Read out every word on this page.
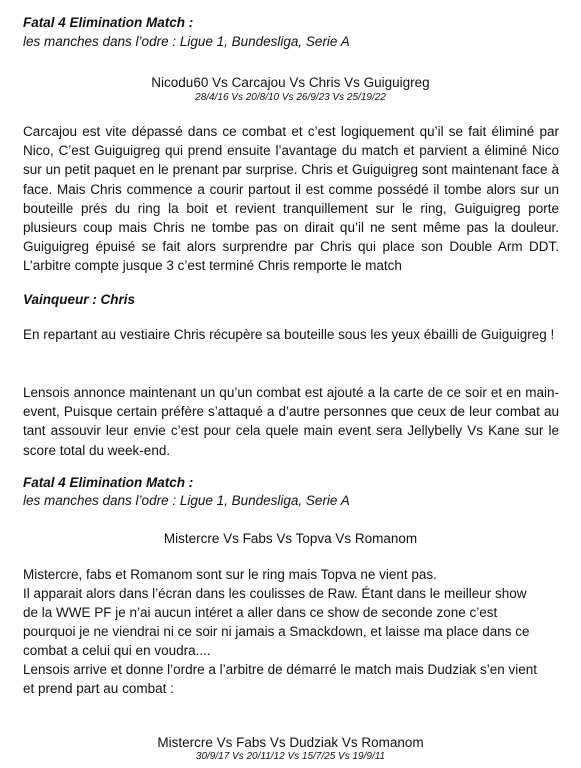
Fatal 4 Elimination Match :
les manches dans l’odre : Ligue 1, Bundesliga, Serie A
Nicodu60 Vs Carcajou Vs Chris Vs Guiguigreg
28/4/16 Vs 20/8/10 Vs 26/9/23 Vs 25/19/22

Carcajou est vite dépassé dans ce combat et c’est logiquement qu’il se fait éliminé par Nico, C’est Guiguigreg qui prend ensuite l’avantage du match et parvient a éliminé Nico sur un petit paquet en le prenant par surprise. Chris et Guiguigreg sont maintenant face à face. Mais Chris commence a courir partout il est comme possédé il tombe alors sur un bouteille prés du ring la boit et revient tranquillement sur le ring, Guiguigreg porte plusieurs coup mais Chris ne tombe pas on dirait qu’il ne sent même pas la douleur. Guiguigreg épuisé se fait alors surprendre par Chris qui place son Double Arm DDT. L’arbitre compte jusque 3 c’est terminé Chris remporte le match

Vainqueur : Chris

En repartant au vestiaire Chris récupère sa bouteille sous les yeux ébailli de Guiguigreg !

Lensois annonce maintenant un qu’un combat est ajouté a la carte de ce soir et en main-event, Puisque certain préfère s’attaqué a d’autre personnes que ceux de leur combat au tant assouvir leur envie c’est pour cela quele main event sera Jellybelly Vs Kane sur le score total du week-end.

Fatal 4 Elimination Match :
les manches dans l’odre : Ligue 1, Bundesliga, Serie A
Mistercre Vs Fabs Vs Topva Vs Romanom
Mistercre, fabs et Romanom sont sur le ring mais Topva ne vient pas.
Il apparait alors dans l’écran dans les coulisses de Raw. Étant dans le meilleur show
de la WWE PF je n’ai aucun intéret a aller dans ce show de seconde zone c’est
pourquoi je ne viendrai ni ce soir ni jamais a Smackdown, et laisse ma place dans ce
combat a celui qui en voudra....
Lensois arrive et donne l’ordre a l’arbitre de démarré le match mais Dudziak s’en vient
et prend part au combat :
Mistercre Vs Fabs Vs Dudziak Vs Romanom
30/9/17 Vs 20/11/12 Vs 15/7/25 Vs 19/9/11
